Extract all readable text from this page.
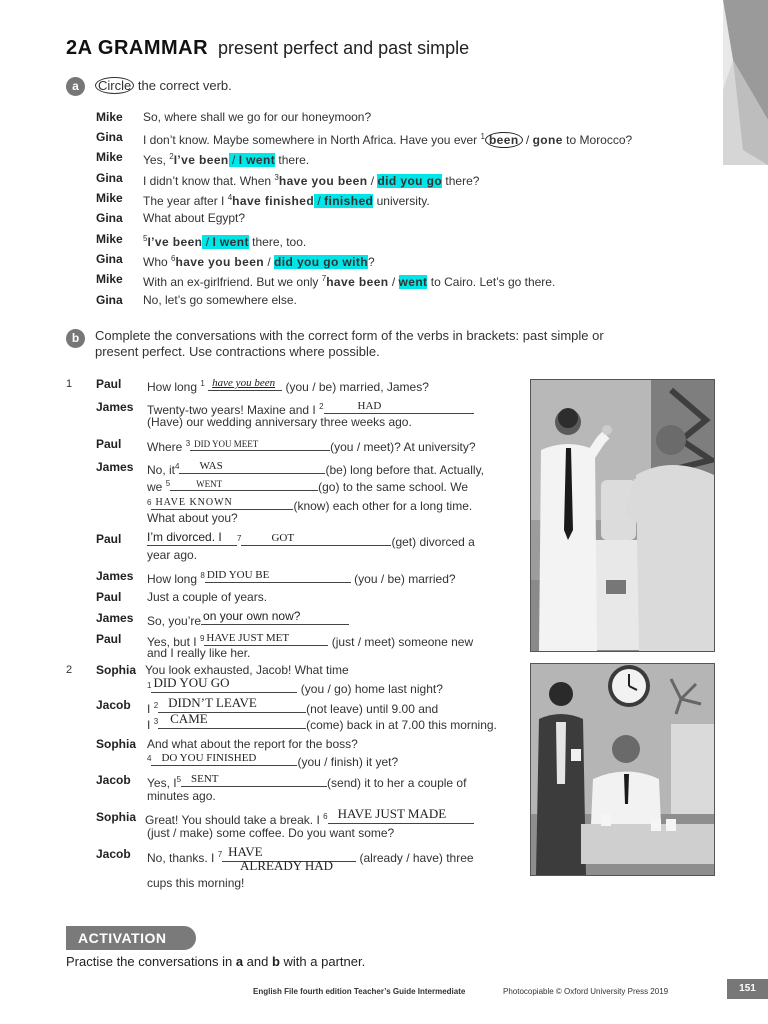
2A GRAMMAR present perfect and past simple
a	Circle the correct verb.
Mike So, where shall we go for our honeymoon?
Gina I don’t know. Maybe somewhere in North Africa. Have you ever $^1$ been / gone to Morocco?
Mike Yes, $^2$I’ve been / I went there.
Gina I didn’t know that. When $^3$have you been / did you go there?
Mike The year after I $^4$have finished / finished university.
Gina What about Egypt?
Mike	$^5$I’ve been / I went there, too.
Gina Who $^6$have you been / did you go with?
Mike With an ex-girlfriend. But we only $^7$have been / went to Cairo. Let’s go there.
Gina No, let’s go somewhere else.
b	Complete the conversations with the correct form of the verbs in brackets: past simple or
present perfect. Use contractions where possible.
1 Paul How long $^1$ have you been (you / be) married, James?
James Twenty-two years! Maxine and I $^2$	HAD
(Have) our wedding anniversary three weeks ago.
Paul Where $^3$ DID YOU MEET	(you / meet)? At university?
James No, $it^4$ WAS	(be) long before that. Actually,
we $^5$	WENT	(go) to the same school. We
$^6$ HAVE KNOWN	(know) each other for a long time.
What about you?
Paul I’m divorced. I $^7$	GOT	(get) divorced a
year ago.
James How long $^8$ DID YOU BE	(you / be) married?
Paul Just a couple of years.
James So, you’re on your own now?
Paul Yes, but I $^9$ HAVE JUST MET	(just / meet) someone new
and I really like her.
2 Sophia You look exhausted, Jacob! What time
$^1$ DID YOU GO	(you / go) home last night?
Jacob I $^2$ DIDN’T LEAVE	(not leave) until 9.00 and
I $^3$ CAME	(come) back in at 7.00 this morning.
Sophia And what about the report for the boss?
$^4$ DO YOU FINISHED	(you / finish) it yet?
Jacob Yes, $I^5$ SENT	(send) it to her a couple of
minutes ago.
Sophia Great! You should take a break. I $^6$ HAVE JUST MADE
(just / make) some coffee. Do you want some?
Jacob No, thanks. I $^7$ HAVE	(already / have) three
ALREADY HAD
cups this morning!
ACTIVATION
Practise the conversations in a and b with a partner.
English File fourth edition Teacher’s Guide Intermediate	Photocopiable © Oxford University Press 2019	151
